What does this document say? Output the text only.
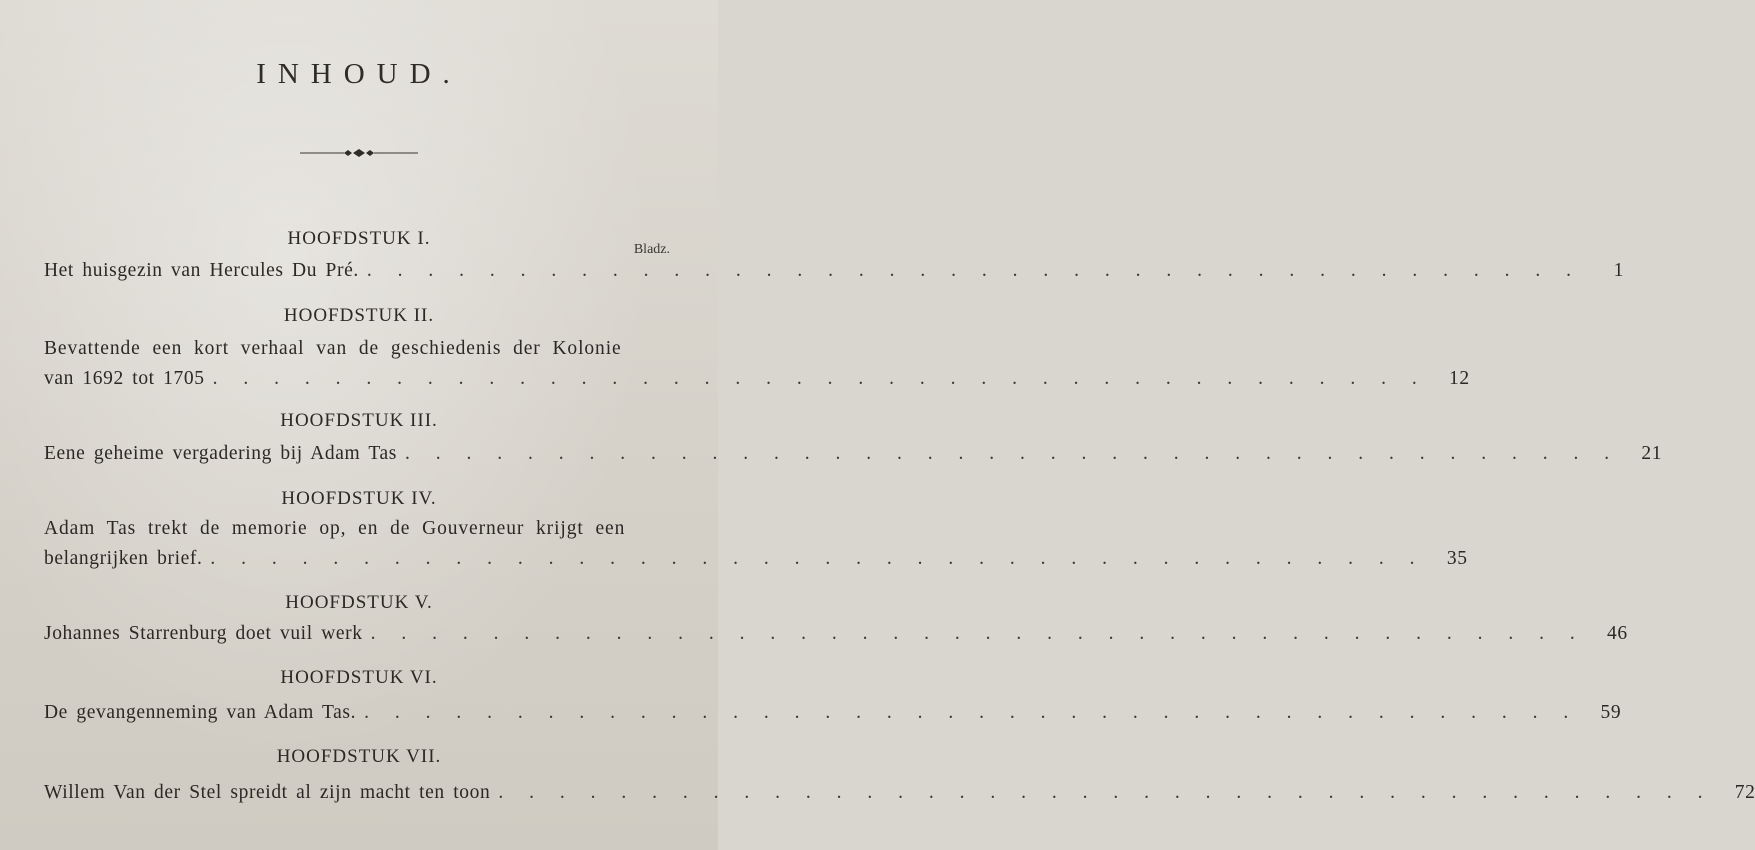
INHOUD.
Bladz.
HOOFDSTUK I.
Het huisgezin van Hercules Du Pré. . . . . . . . . . . . . . . . . . . . . . . . . . . . . . . . . . . . . . . . .	1
HOOFDSTUK II.
Bevattende een kort verhaal van de geschiedenis der Kolonie
van 1692 tot 1705 . . . . . . . . . . . . . . . . . . . . . . . . . . . . . . . . . . . . . . . .	12
HOOFDSTUK III.
Eene geheime vergadering bij Adam Tas . . . . . . . . . . . . . . . . . . . . . . . . . . . . . . . . . . . . . . . .	21
HOOFDSTUK IV.
Adam Tas trekt de memorie op, en de Gouverneur krijgt een
belangrijken brief. . . . . . . . . . . . . . . . . . . . . . . . . . . . . . . . . . . . . . . . .	35
HOOFDSTUK V.
Johannes Starrenburg doet vuil werk . . . . . . . . . . . . . . . . . . . . . . . . . . . . . . . . . . . . . . . .	46
HOOFDSTUK VI.
De gevangenneming van Adam Tas. . . . . . . . . . . . . . . . . . . . . . . . . . . . . . . . . . . . . . . . .	59
HOOFDSTUK VII.
Willem Van der Stel spreidt al zijn macht ten toon . . . . . . . . . . . . . . . . . . . . . . . . . . . . . . . . . . . . . . . .	72
